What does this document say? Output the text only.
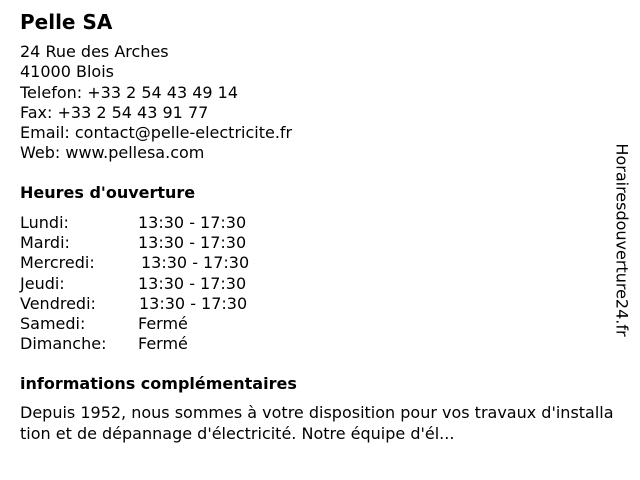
Pelle SA
24 Rue des Arches
41000 Blois
Telefon: +33 2 54 43 49 14
Fax: +33 2 54 43 91 77
Email: contact@pelle-electricite.fr
Web: www.pellesa.com
Heures d'ouverture
Lundi:	13:30 - 17:30
Mardi:	13:30 - 17:30
Mercredi:	13:30 - 17:30
Jeudi:	13:30 - 17:30
Vendredi:	13:30 - 17:30
Samedi:	Fermé
Dimanche: Fermé
informations complémentaires
Depuis 1952, nous sommes à votre disposition pour vos travaux d'installation et de dépannage d'électricité. Notre équipe d'él...
Horairesdouverture24.fr
